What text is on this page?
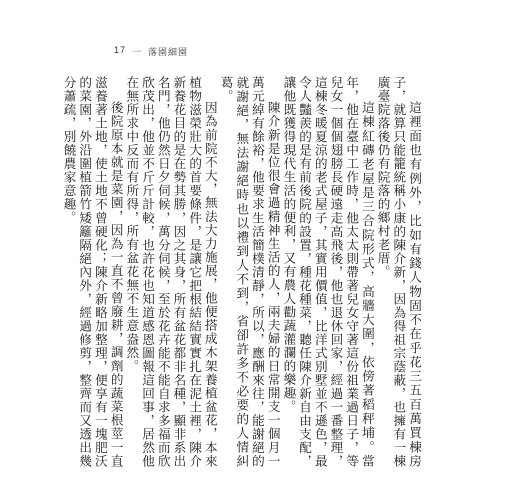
17 一 落園細園

這裡面也有例外，比如有錢人物固不在乎花三五百萬買棟房子，就算只能籠統稱小康的陳介新，因為得祖宗蔭蔽，也擁有一棟廣臺院落後仍有院落的鄉村老厝。

這棟紅磚老屋是三合院形式，高牆大圍，依傍著稻秤埔。當年，他在臺中工作時，他太太則帶著兒女守著這份祖業過日子，等兒女一個個翅膀長硬遠走高飛後，他也退休回家，經過一番整理，這棟冬暖夏涼的老式屋子，其實用價值，比洋式別墅並不遜色，最令人豔羨的是有前後院的設置，種花種菜，聽任陳介新自由支配，讓他既獲得現代生活的便利，又有農人勸蔬灌瀾的樂趣。

陳介新是位很會過精神生活的人，兩夫婦的日常開支一個月一萬元綽有餘裕，他要求生活簡樸清靜，所以，應酬來往，能謝絕的就謝絕，無法謝絕時也以禮到人不到，省卻許多不必要的人情糾葛。

因為前院不大，無法大力施展，他便搭成木架養植盆花，本來植物滋榮壯大的首要條件，是讓它把根結結實實扎在泥土裡，陳介新養花目的是在勢其勝，因之其身，所有盆花都非名種，顯非系出名門，他仍然日夕伺候，萬分伺候，至於花卉能不能自求多福而欣欣茂出，他並不斤斤計較，也許花也知道感恩圖報這回事，居然他在無所求中反而有所得，所有盆花無不生意盎然。

後院原本就是菜園，因為一直不曾廢耕，調劑的蔬菜根莖一直滋養著土地，使土地不曾硬化；陳介新略加整理，便享有一塊肥沃的菜園，外沿圍植箭竹矮籬隔絕內外，經過修剪，整齊而又透出幾分蕭疏，別饒農家意趣。
